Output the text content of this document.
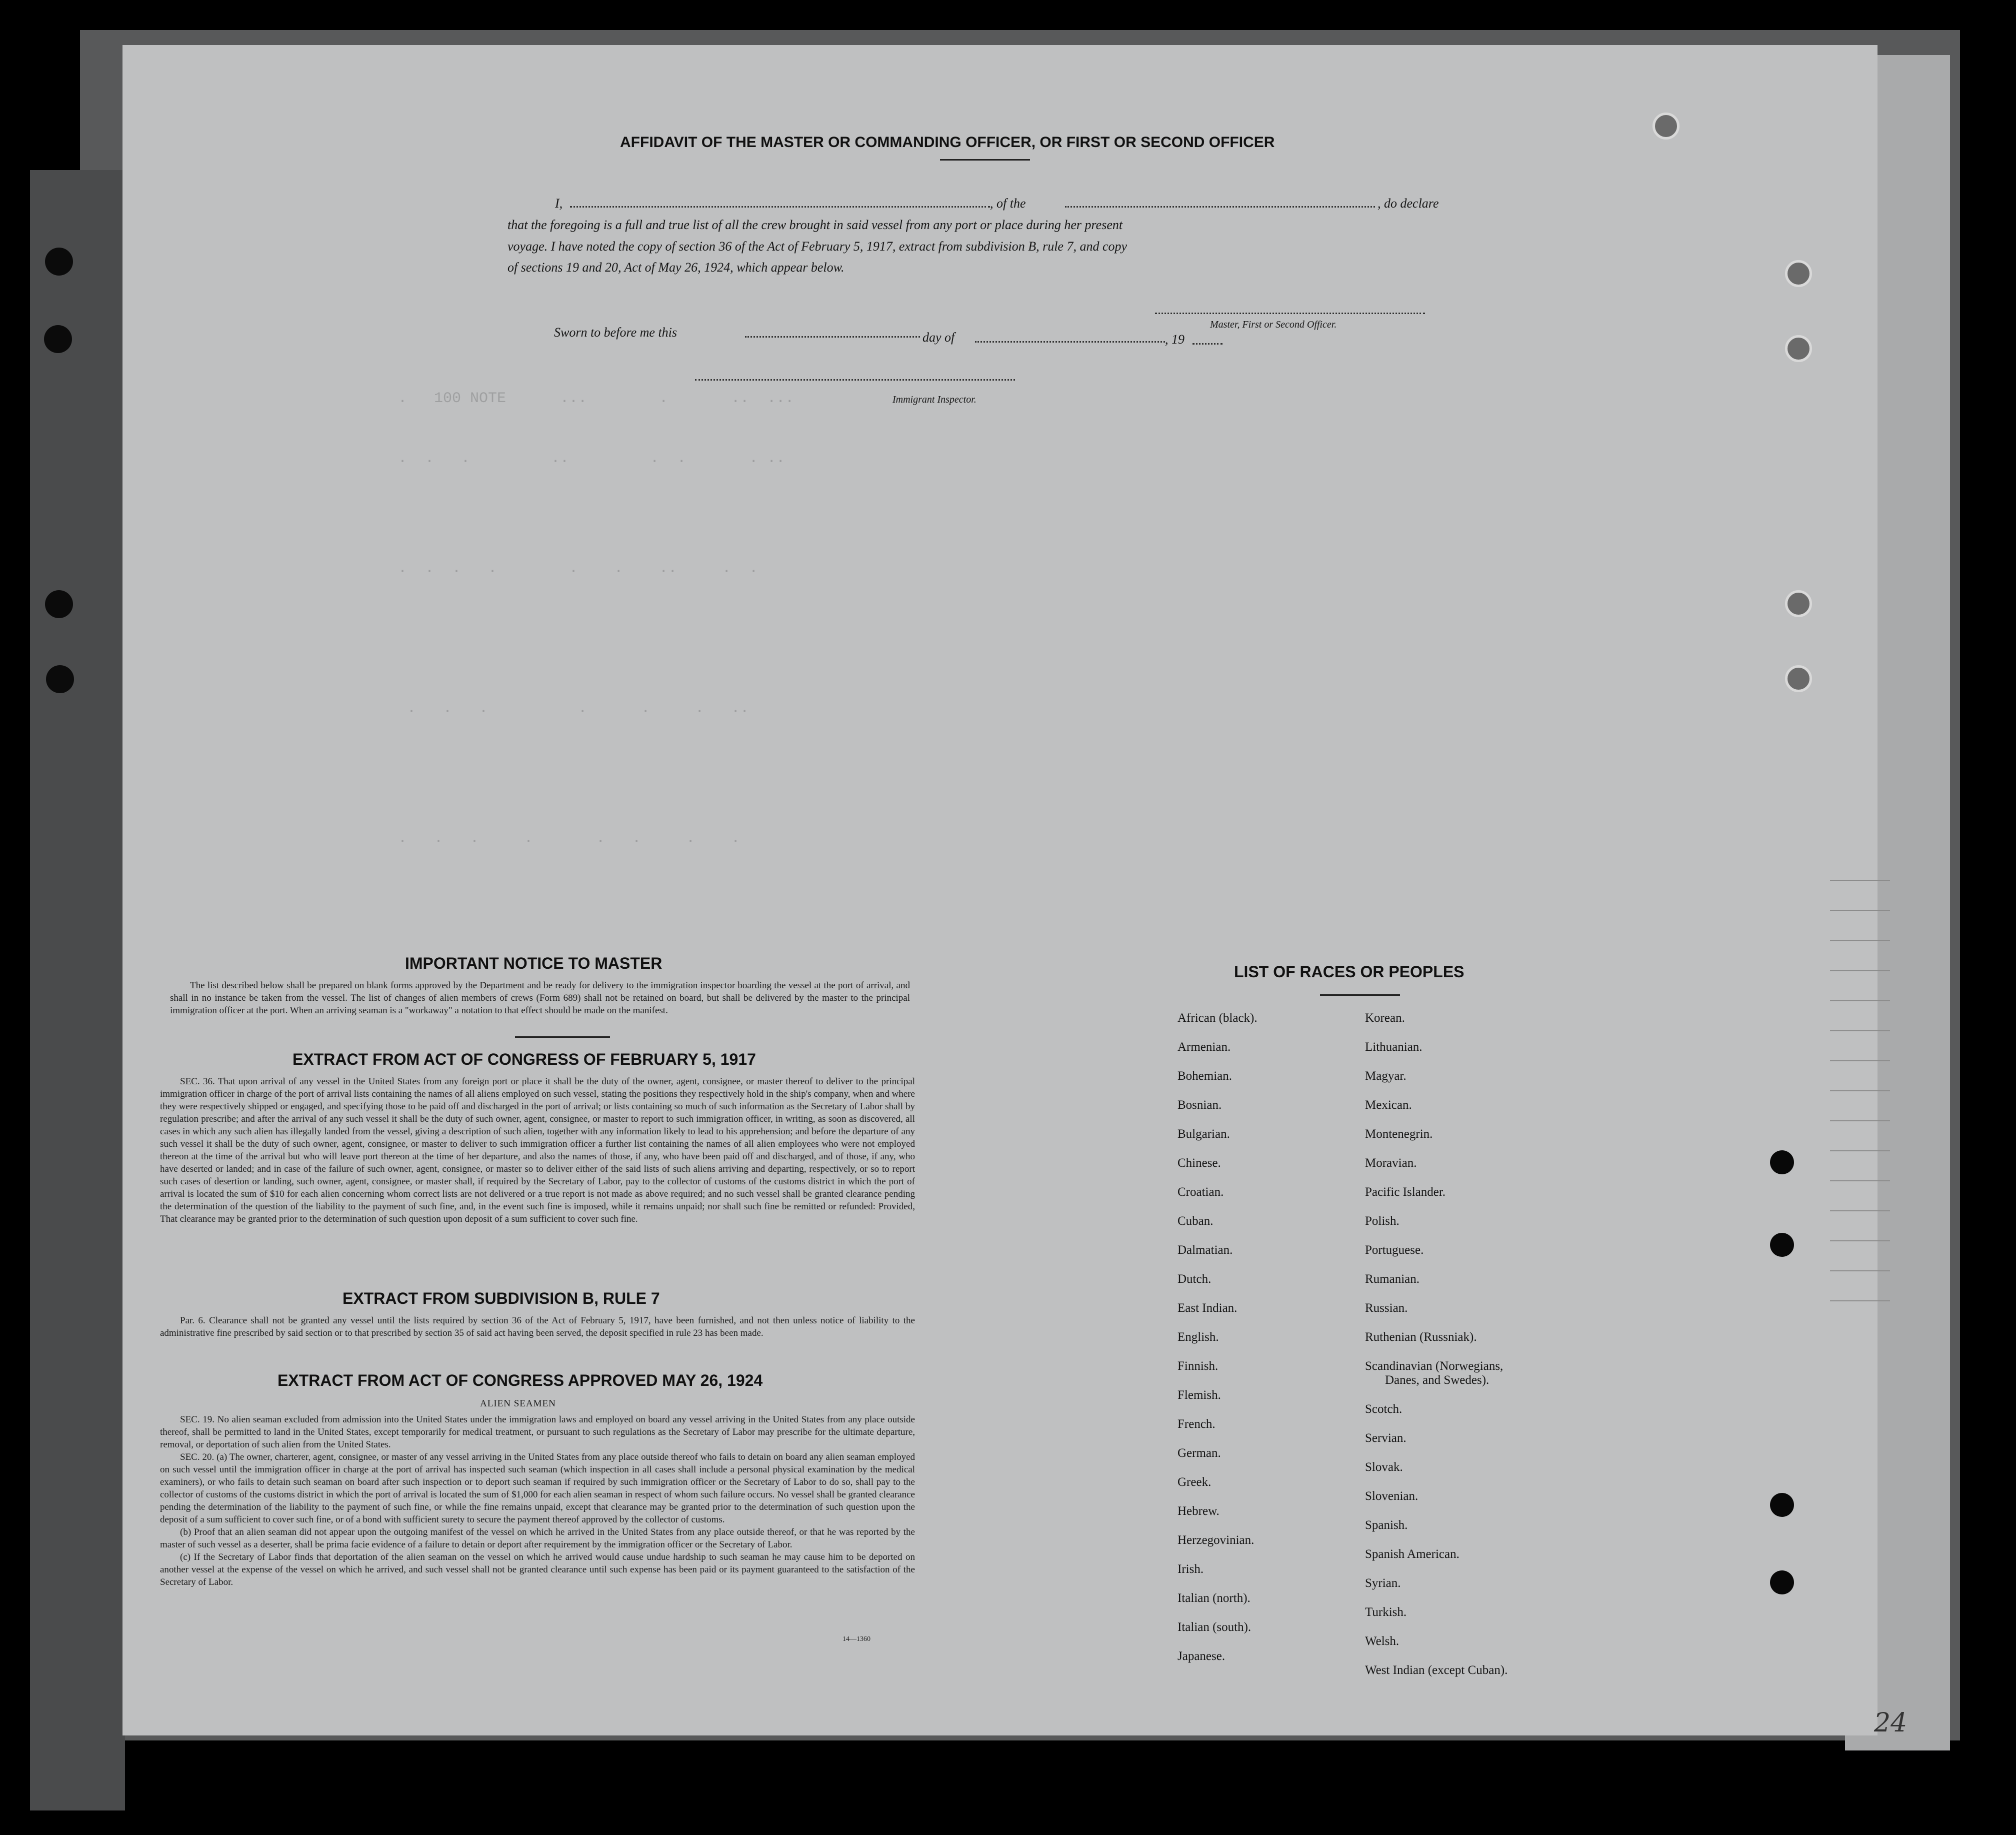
.   100 NOTE      ...        .       ..  ...
.  .   .         ..         .  .       . ..
.  .  .   .        .    .    ..     .  .
.   .   .          .      .     .   ..
.   .   .     .       .   .     .    .
AFFIDAVIT OF THE MASTER OR COMMANDING OFFICER, OR FIRST OR SECOND OFFICER
I,	, of the	, do declare
that the foregoing is a full and true list of all the crew brought in said vessel from any port or place during her present
voyage. I have noted the copy of section 36 of the Act of February 5, 1917, extract from subdivision B, rule 7, and copy
of sections 19 and 20, Act of May 26, 1924, which appear below.
Master, First or Second Officer.
Sworn to before me this	day of	, 19
Immigrant Inspector.
IMPORTANT NOTICE TO MASTER

The list described below shall be prepared on blank forms approved by the Department and be ready for delivery to the immigration inspector boarding the vessel at the port of arrival, and shall in no instance be taken from the vessel. The list of changes of alien members of crews (Form 689) shall not be retained on board, but shall be delivered by the master to the principal immigration officer at the port. When an arriving seaman is a "workaway" a notation to that effect should be made on the manifest.

EXTRACT FROM ACT OF CONGRESS OF FEBRUARY 5, 1917

SEC. 36. That upon arrival of any vessel in the United States from any foreign port or place it shall be the duty of the owner, agent, consignee, or master thereof to deliver to the principal immigration officer in charge of the port of arrival lists containing the names of all aliens employed on such vessel, stating the positions they respectively hold in the ship's company, when and where they were respectively shipped or engaged, and specifying those to be paid off and discharged in the port of arrival; or lists containing so much of such information as the Secretary of Labor shall by regulation prescribe; and after the arrival of any such vessel it shall be the duty of such owner, agent, consignee, or master to report to such immigration officer, in writing, as soon as discovered, all cases in which any such alien has illegally landed from the vessel, giving a description of such alien, together with any information likely to lead to his apprehension; and before the departure of any such vessel it shall be the duty of such owner, agent, consignee, or master to deliver to such immigration officer a further list containing the names of all alien employees who were not employed thereon at the time of the arrival but who will leave port thereon at the time of her departure, and also the names of those, if any, who have been paid off and discharged, and of those, if any, who have deserted or landed; and in case of the failure of such owner, agent, consignee, or master so to deliver either of the said lists of such aliens arriving and departing, respectively, or so to report such cases of desertion or landing, such owner, agent, consignee, or master shall, if required by the Secretary of Labor, pay to the collector of customs of the customs district in which the port of arrival is located the sum of $10 for each alien concerning whom correct lists are not delivered or a true report is not made as above required; and no such vessel shall be granted clearance pending the determination of the question of the liability to the payment of such fine, and, in the event such fine is imposed, while it remains unpaid; nor shall such fine be remitted or refunded: Provided, That clearance may be granted prior to the determination of such question upon deposit of a sum sufficient to cover such fine.

EXTRACT FROM SUBDIVISION B, RULE 7

Par. 6. Clearance shall not be granted any vessel until the lists required by section 36 of the Act of February 5, 1917, have been furnished, and not then unless notice of liability to the administrative fine prescribed by said section or to that prescribed by section 35 of said act having been served, the deposit specified in rule 23 has been made.

EXTRACT FROM ACT OF CONGRESS APPROVED MAY 26, 1924
ALIEN SEAMEN

SEC. 19. No alien seaman excluded from admission into the United States under the immigration laws and employed on board any vessel arriving in the United States from any place outside thereof, shall be permitted to land in the United States, except temporarily for medical treatment, or pursuant to such regulations as the Secretary of Labor may prescribe for the ultimate departure, removal, or deportation of such alien from the United States.

SEC. 20. (a) The owner, charterer, agent, consignee, or master of any vessel arriving in the United States from any place outside thereof who fails to detain on board any alien seaman employed on such vessel until the immigration officer in charge at the port of arrival has inspected such seaman (which inspection in all cases shall include a personal physical examination by the medical examiners), or who fails to detain such seaman on board after such inspection or to deport such seaman if required by such immigration officer or the Secretary of Labor to do so, shall pay to the collector of customs of the customs district in which the port of arrival is located the sum of $1,000 for each alien seaman in respect of whom such failure occurs. No vessel shall be granted clearance pending the determination of the liability to the payment of such fine, or while the fine remains unpaid, except that clearance may be granted prior to the determination of such question upon the deposit of a sum sufficient to cover such fine, or of a bond with sufficient surety to secure the payment thereof approved by the collector of customs.

(b) Proof that an alien seaman did not appear upon the outgoing manifest of the vessel on which he arrived in the United States from any place outside thereof, or that he was reported by the master of such vessel as a deserter, shall be prima facie evidence of a failure to detain or deport after requirement by the immigration officer or the Secretary of Labor.

(c) If the Secretary of Labor finds that deportation of the alien seaman on the vessel on which he arrived would cause undue hardship to such seaman he may cause him to be deported on another vessel at the expense of the vessel on which he arrived, and such vessel shall not be granted clearance until such expense has been paid or its payment guaranteed to the satisfaction of the Secretary of Labor.

14—1360
LIST OF RACES OR PEOPLES
African (black).
Armenian.
Bohemian.
Bosnian.
Bulgarian.
Chinese.
Croatian.
Cuban.
Dalmatian.
Dutch.
East Indian.
English.
Finnish.
Flemish.
French.
German.
Greek.
Hebrew.
Herzegovinian.
Irish.
Italian (north).
Italian (south).
Japanese.
Korean.
Lithuanian.
Magyar.
Mexican.
Montenegrin.
Moravian.
Pacific Islander.
Polish.
Portuguese.
Rumanian.
Russian.
Ruthenian (Russniak).
Scandinavian (Norwegians,
Danes, and Swedes).
Scotch.
Servian.
Slovak.
Slovenian.
Spanish.
Spanish American.
Syrian.
Turkish.
Welsh.
West Indian (except Cuban).
24
